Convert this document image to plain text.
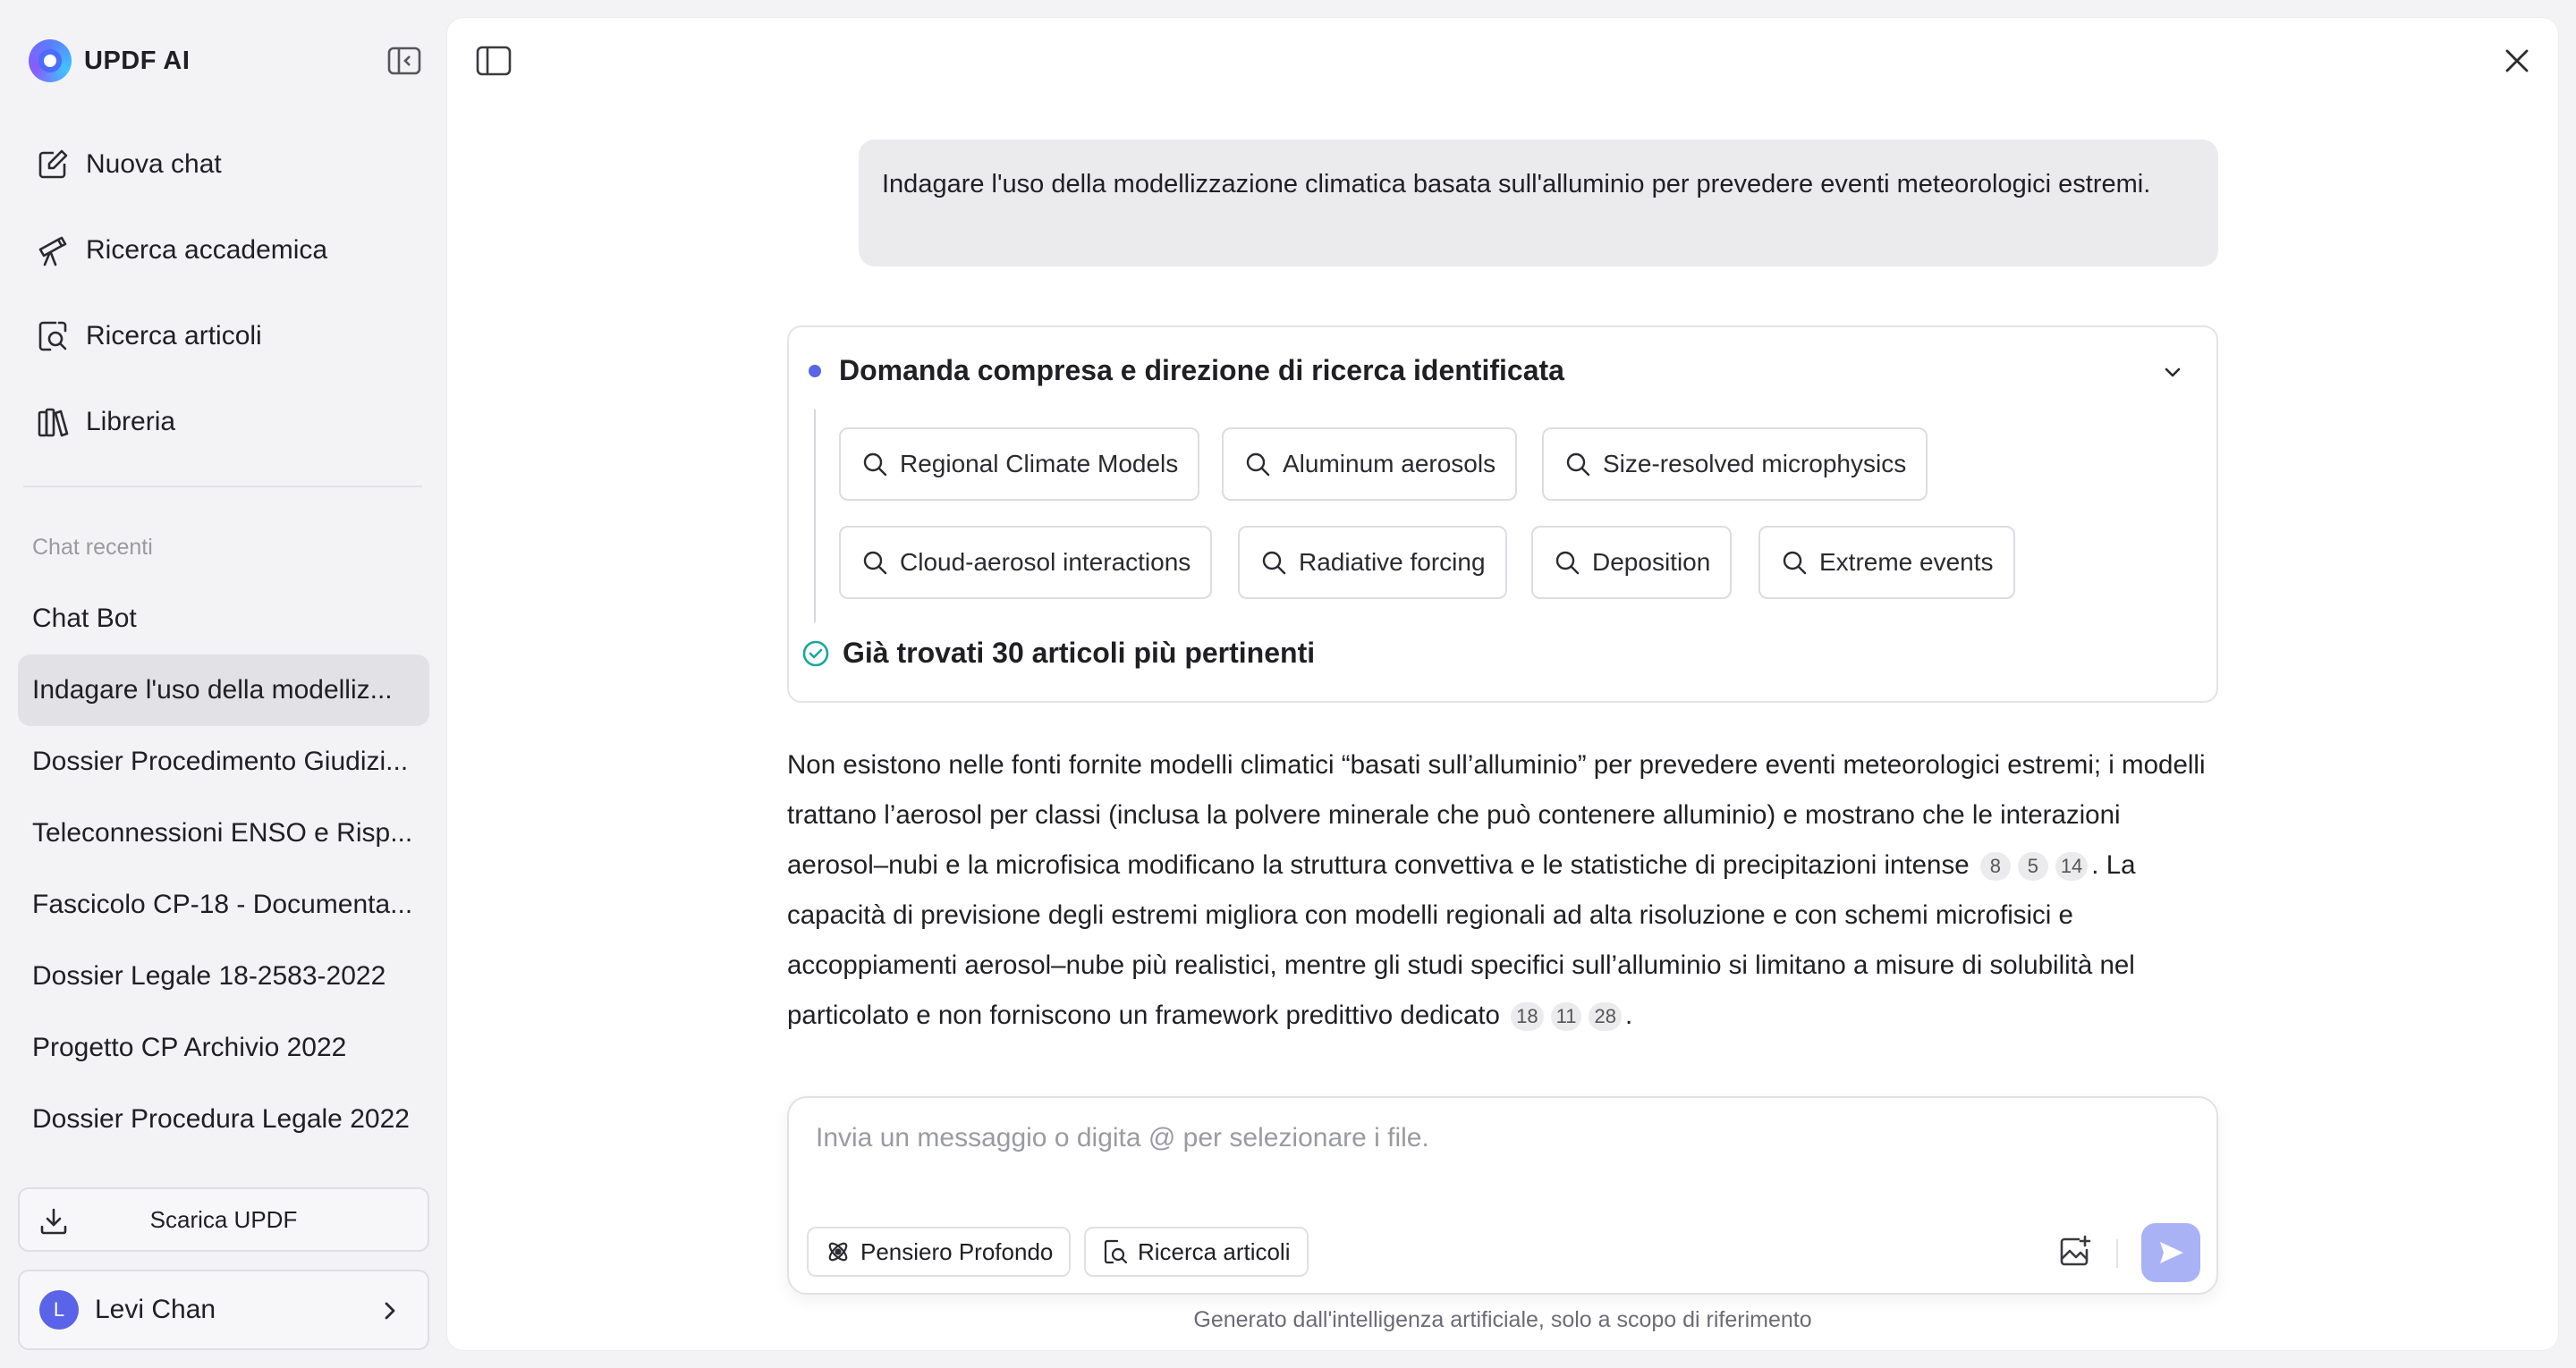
UPDF AI
Nuova chat
Ricerca accademica
Ricerca articoli
Libreria
Chat recenti
Chat Bot
Indagare l'uso della modelliz...
Dossier Procedimento Giudizi...
Teleconnessioni ENSO e Risp...
Fascicolo CP-18 - Documenta...
Dossier Legale 18-2583-2022
Progetto CP Archivio 2022
Dossier Procedura Legale 2022
Scarica UPDF
L	Levi Chan
Indagare l'uso della modellizzazione climatica basata sull'alluminio per prevedere eventi meteorologici estremi.
Domanda compresa e direzione di ricerca identificata
Regional Climate Models	Aluminum aerosols	Size-resolved microphysics
Cloud-aerosol interactions	Radiative forcing	Deposition	Extreme events
Già trovati 30 articoli più pertinenti
Non esistono nelle fonti fornite modelli climatici “basati sull’alluminio” per prevedere eventi meteorologici estremi; i modelli trattano l’aerosol per classi (inclusa la polvere minerale che può contenere alluminio) e mostrano che le interazioni aerosol–nubi e la microfisica modificano la struttura convettiva e le statistiche di precipitazioni intense 8 5 14 . La capacità di previsione degli estremi migliora con modelli regionali ad alta risoluzione e con schemi microfisici e accoppiamenti aerosol–nube più realistici, mentre gli studi specifici sull’alluminio si limitano a misure di solubilità nel particolato e non forniscono un framework predittivo dedicato 18 11 28 .
Invia un messaggio o digita @ per selezionare i file.
Pensiero Profondo	Ricerca articoli
Generato dall'intelligenza artificiale, solo a scopo di riferimento
